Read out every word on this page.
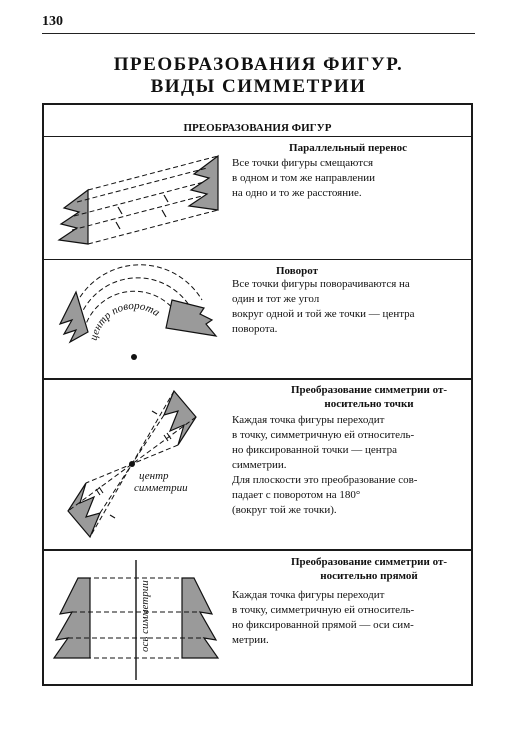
130
ПРЕОБРАЗОВАНИЯ ФИГУР.
ВИДЫ СИММЕТРИИ
ПРЕОБРАЗОВАНИЯ ФИГУР
Параллельный перенос
Все точки фигуры смещаются
в одном и том же направлении
на одно и то же расстояние.
Поворот
Все точки фигуры поворачиваются на
один и тот же угол
вокруг одной и той же точки — центра
поворота.
центр поворота
Преобразование симметрии от- носительно точки
Каждая точка фигуры переходит
в точку, симметричную ей относитель-
но фиксированной точки — центра
симметрии.
Для плоскости это преобразование сов-
падает с поворотом на 180°
(вокруг той же точки).
центр
симметрии
Преобразование симметрии от- носительно прямой
Каждая точка фигуры переходит
в точку, симметричную ей относитель-
но фиксированной прямой — оси сим-
метрии.
ось симметрии
